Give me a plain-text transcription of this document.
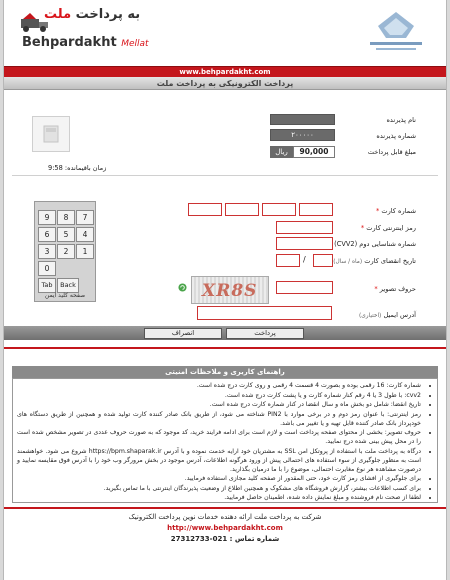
به پرداخت ملت
Behpardakht Mellat
www.behpardakht.com
پرداخت الکترونیکی به پرداخت ملت
نام پذیرنده
شماره پذیرنده
۲۰۰۰۰۰
مبلغ قابل پرداخت
90,000
ریال
زمان باقیمانده: 9:58
9	8	7
6	5	4
3	2	1
0
Tab	Back
صفحه کلید ایمن
شماره کارت *
رمز اینترنتی کارت *
شماره شناسایی دوم (CVV2)
تاریخ انقضای کارت (ماه / سال)
/
حروف تصویر *
XR8S
آدرس ایمیل (اختیاری)
پرداخت
انصراف
راهنمای کاربری و ملاحظات امنیتی
• شماره کارت: 16 رقمی بوده و بصورت 4 قسمت 4 رقمی و روی کارت درج شده است.
• cvv2: با طول 3 یا 4 رقم کنار شماره کارت و یا پشت کارت درج شده است.
• تاریخ انقضا: شامل دو بخش ماه و سال انقضا در کنار شماره کارت درج شده است.
• رمز اینترنتی: با عنوان رمز دوم و در برخی موارد با PIN2 شناخته می شود، از طریق بانک صادر کننده کارت تولید شده و همچنین از طریق دستگاه های خودپرداز بانک صادر کننده قابل تهیه و یا تغییر می باشد.
• حروف تصویر: بخشی از محتوای صفحه پرداخت است و لازم است برای ادامه فرایند خرید، کد موجود که به صورت حروف عددی در تصویر مشخص شده است را در محل پیش بینی شده درج نمایید.
• درگاه به پرداخت ملت با استفاده از پروتکل امن SSL به مشتریان خود ارایه خدمت نموده و با آدرس https://bpm.shaparak.ir شروع می شود. خواهشمند است به منظور جلوگیری از سوء استفاده های احتمالی پیش از ورود هرگونه اطلاعات، آدرس موجود در بخش مرورگر وب خود را با آدرس فوق مقایسه نمایید و درصورت مشاهده هر نوع مغایرت احتمالی، موضوع را با ما درمیان بگذارید.
• برای جلوگیری از افشای رمز کارت خود، حتی المقدور از صفحه کلید مجازی استفاده فرمایید.
• برای کسب اطلاعات بیشتر، گزارش فروشگاه های مشکوک و همچنین اطلاع از وضعیت پذیرندگان اینترنتی با ما تماس بگیرید.
• لطفا از صحت نام فروشنده و مبلغ نمایش داده شده، اطمینان حاصل فرمایید.
شرکت به پرداخت ملت ارائه دهنده خدمات نوین پرداخت الکترونیک
http://www.behpardakht.com
شماره تماس : 021-27312733
